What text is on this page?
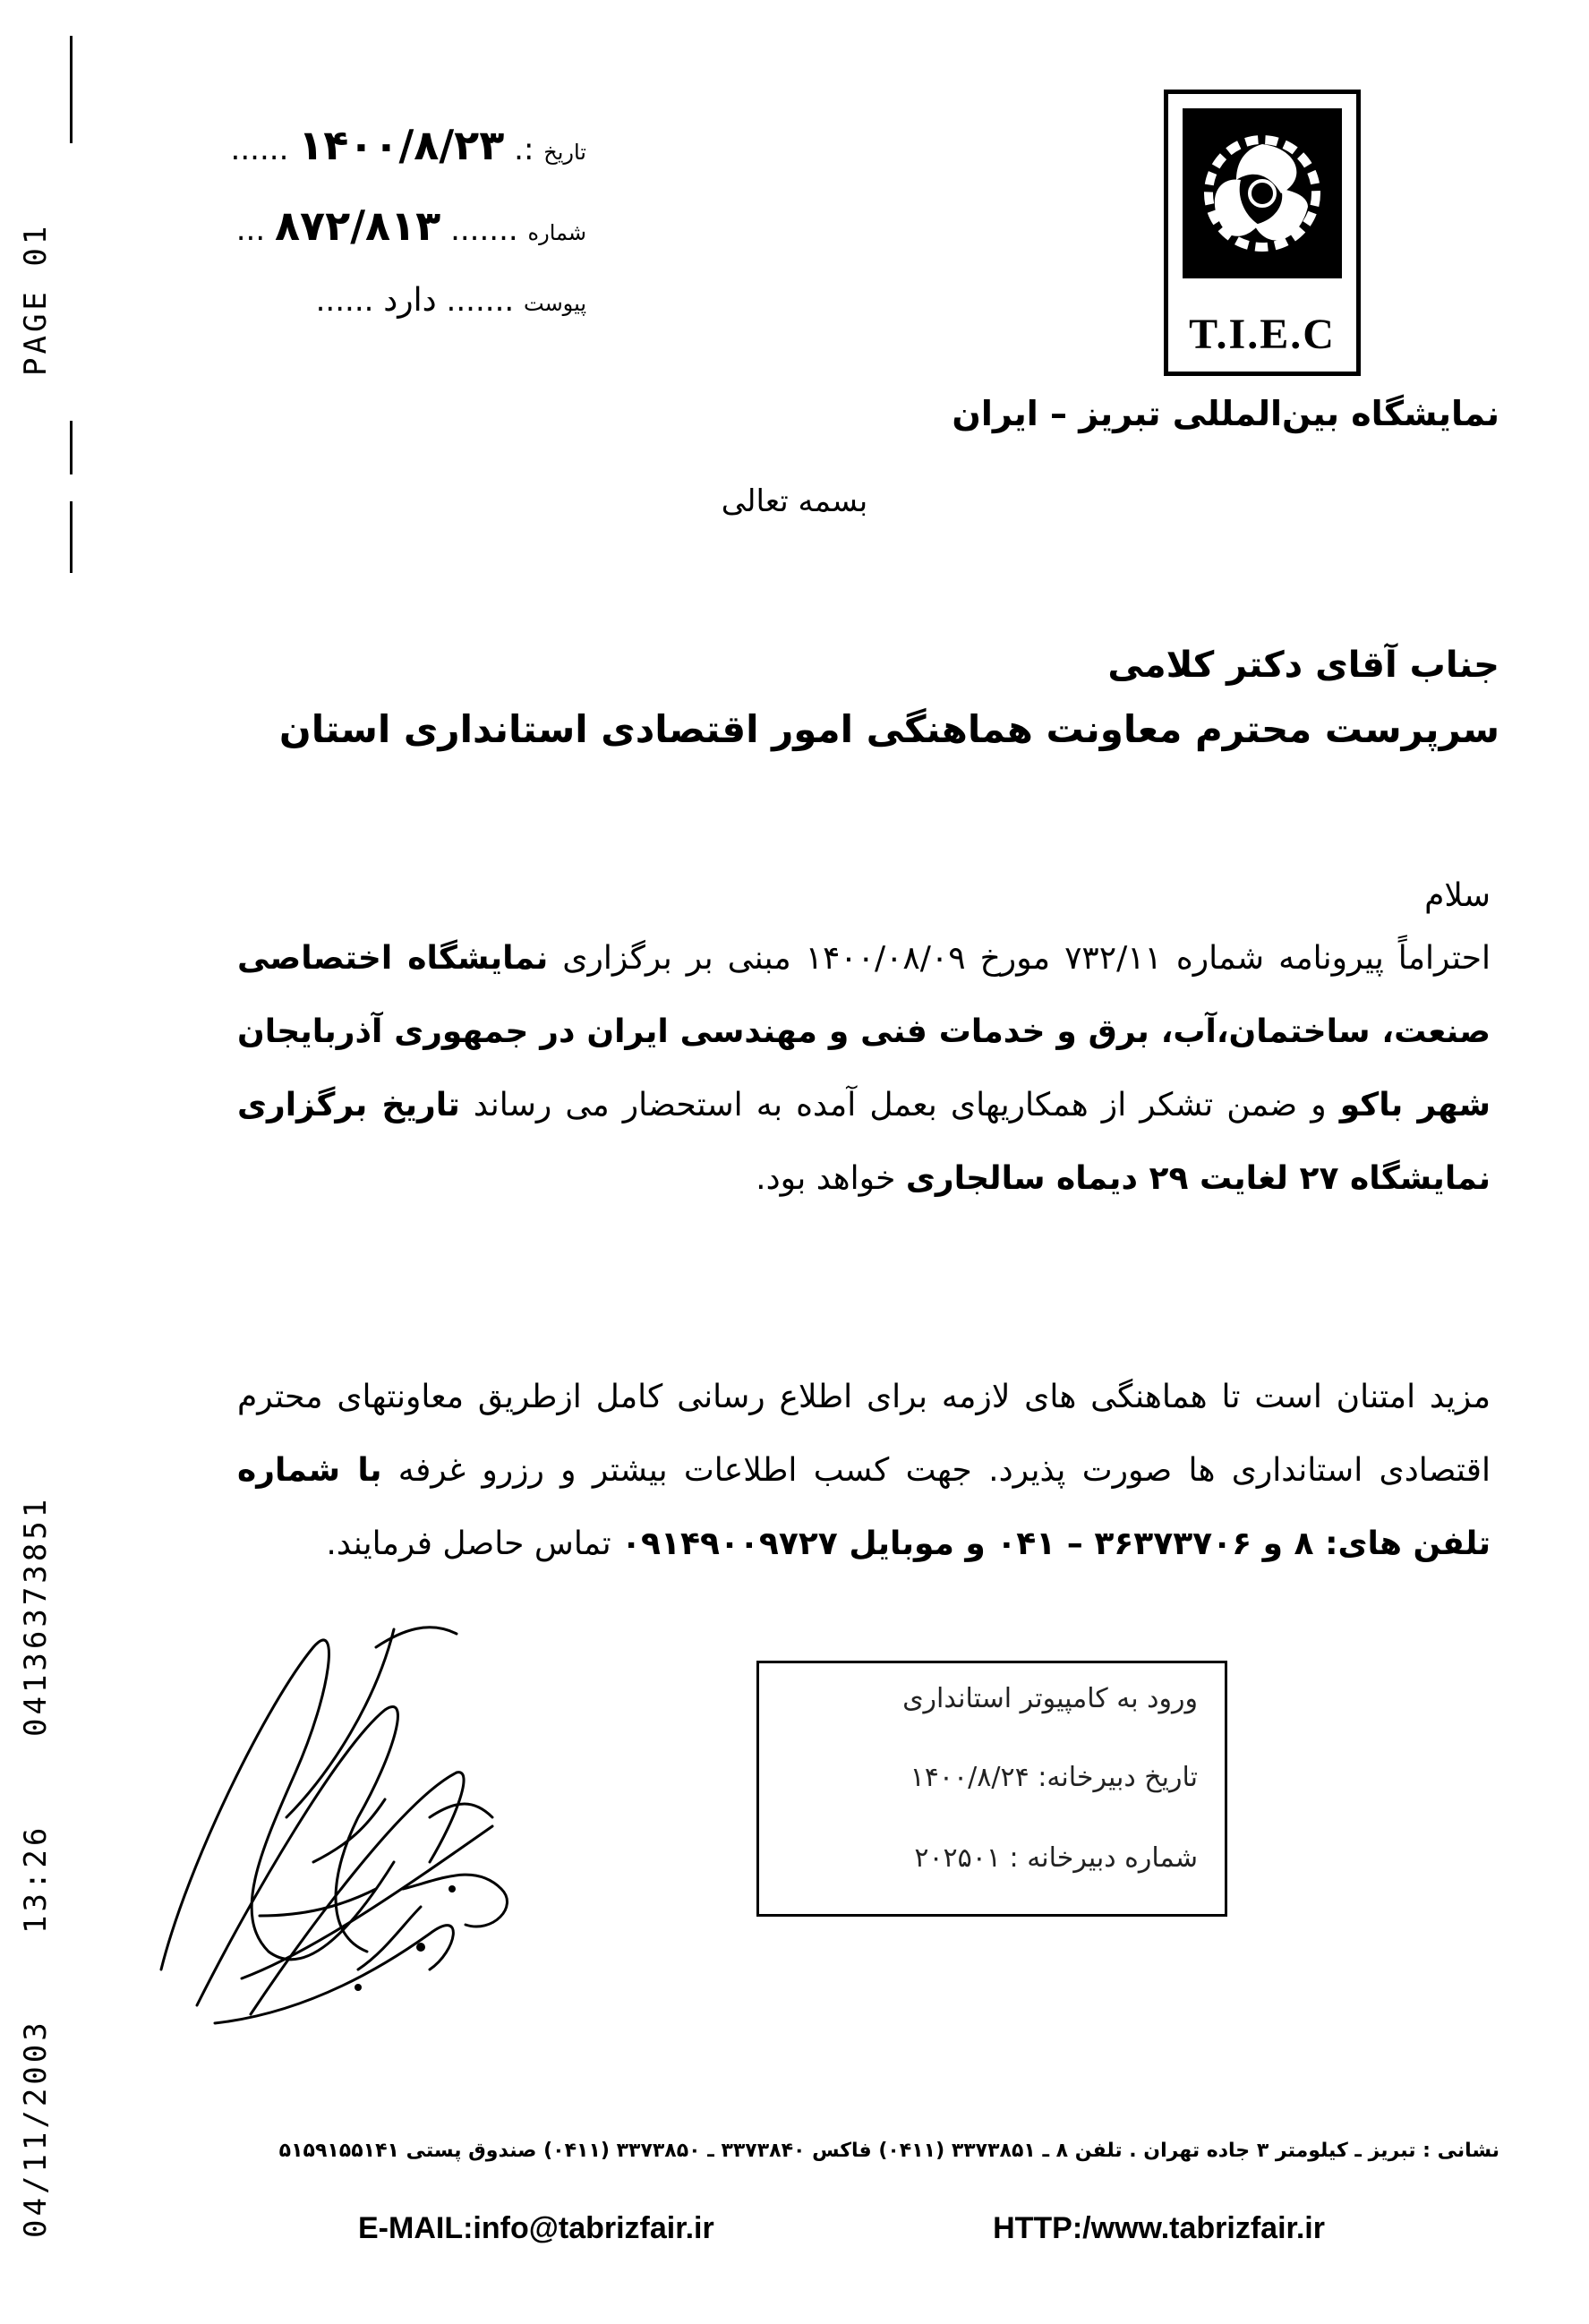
PAGE 01
04136373851
13:26
04/11/2003
تاریخ :. ۱۴۰۰/۸/۲۳ ......
شماره ....... ۸۷۲/۸۱۳ ...
پیوست ....... دارد ......
T.I.E.C
نمایشگاه بین‌المللی تبریز – ایران
بسمه تعالی
جناب آقای دکتر کلامی
سرپرست محترم معاونت هماهنگی امور اقتصادی استانداری استان
سلام
احتراماً پیرونامه شماره ۷۳۲/۱۱ مورخ ۱۴۰۰/۰۸/۰۹ مبنی بر برگزاری نمایشگاه اختصاصی صنعت، ساختمان،آب، برق و خدمات فنی و مهندسی ایران در جمهوری آذربایجان شهر باکو و ضمن تشکر از همکاریهای بعمل آمده به استحضار می رساند تاریخ برگزاری نمایشگاه ۲۷ لغایت ۲۹ دیماه سالجاری خواهد بود.
مزید امتنان است تا هماهنگی های لازمه برای اطلاع رسانی کامل ازطریق معاونتهای محترم اقتصادی استانداری ها صورت پذیرد. جهت کسب اطلاعات بیشتر و رزرو غرفه با شماره تلفن های: ۸ و ۳۶۳۷۳۷۰۶ – ۰۴۱ و موبایل ۰۹۱۴۹۰۰۹۷۲۷ تماس حاصل فرمایند.
ورود به کامپیوتر استانداری
تاریخ دبیرخانه: ۱۴۰۰/۸/۲۴
شماره دبیرخانه : ۲۰۲۵۰۱
نشانی : تبریز ـ کیلومتر ۳ جاده تهران . تلفن ۸ ـ ۳۳۷۳۸۵۱ (۰۴۱۱) فاکس ۳۳۷۳۸۴۰ ـ ۳۳۷۳۸۵۰ (۰۴۱۱) صندوق پستی ۵۱۵۹۱۵۵۱۴۱
E-MAIL:info@tabrizfair.ir	HTTP:/www.tabrizfair.ir
